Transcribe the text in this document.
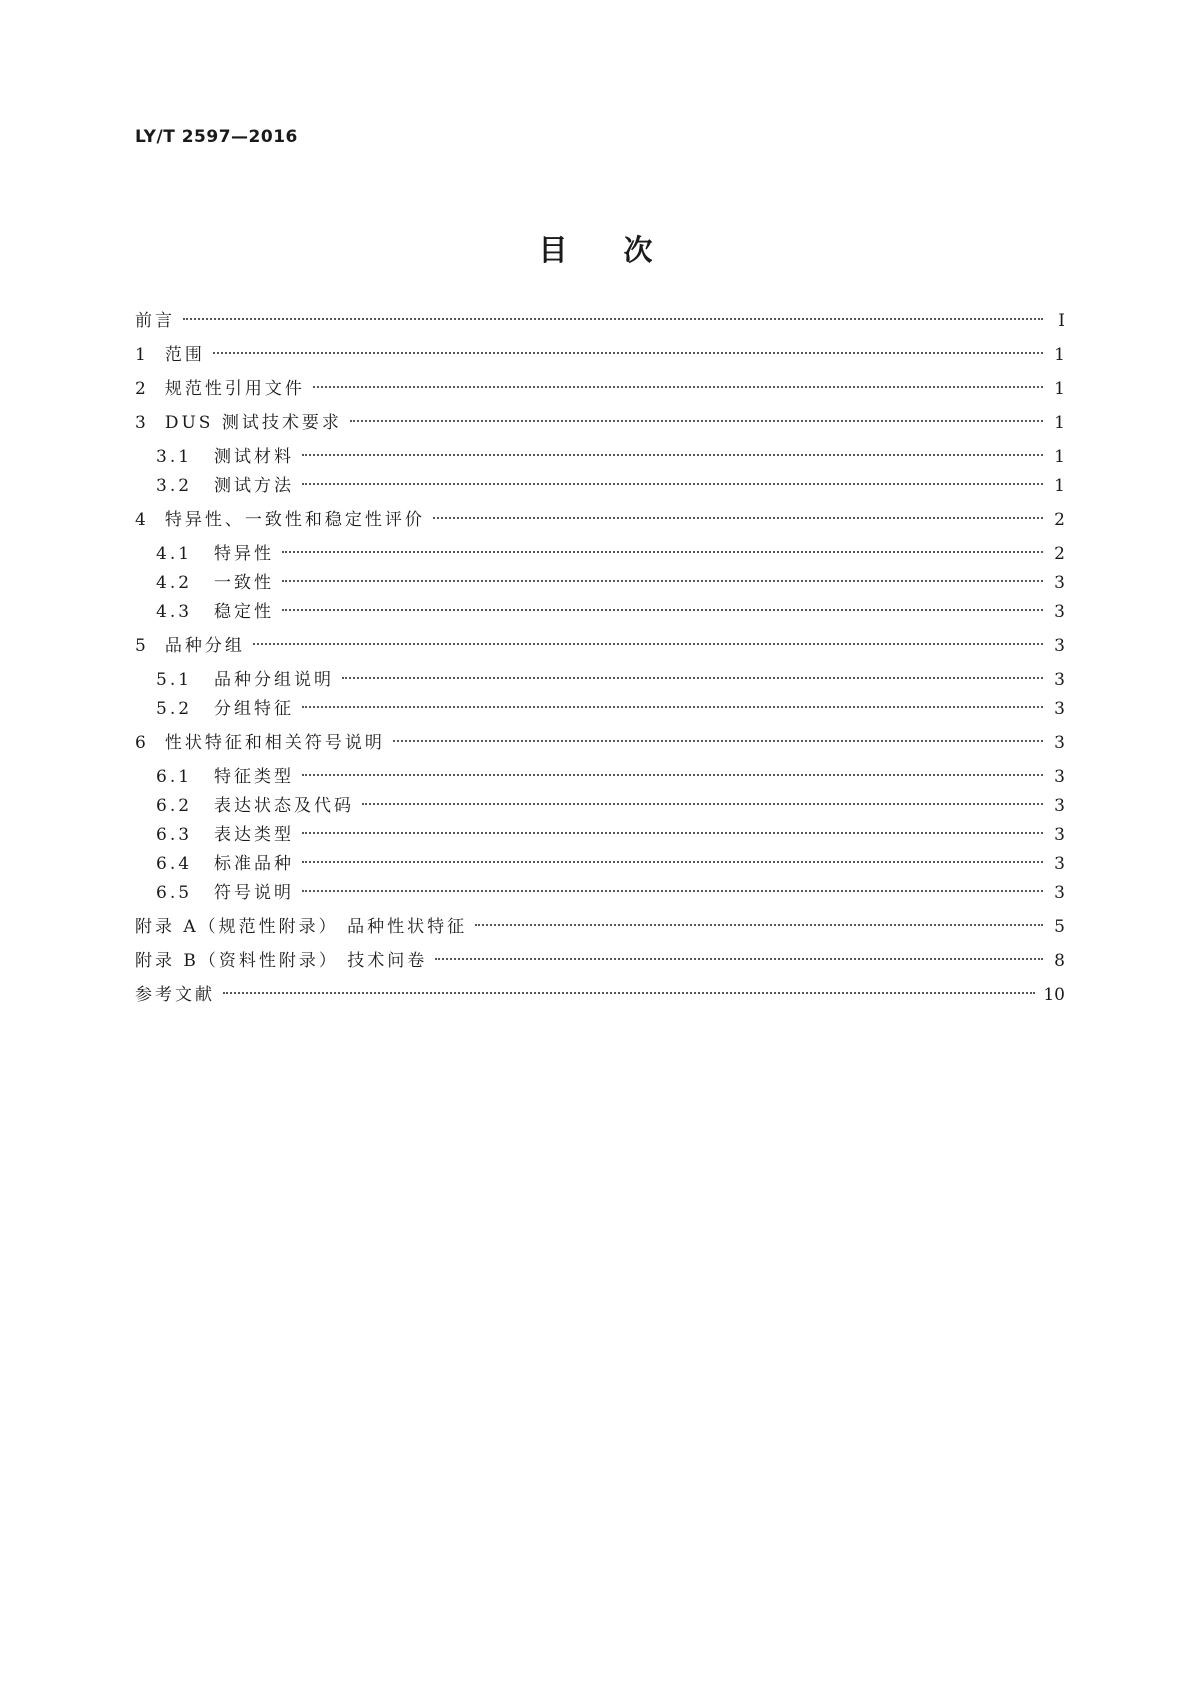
LY/T 2597—2016
目次
前言	Ⅰ
1 范围	1
2 规范性引用文件	1
3 DUS 测试技术要求	1
3.1 测试材料	1
3.2 测试方法	1
4 特异性、一致性和稳定性评价	2
4.1 特异性	2
4.2 一致性	3
4.3 稳定性	3
5 品种分组	3
5.1 品种分组说明	3
5.2 分组特征	3
6 性状特征和相关符号说明	3
6.1 特征类型	3
6.2 表达状态及代码	3
6.3 表达类型	3
6.4 标准品种	3
6.5 符号说明	3
附录 A（规范性附录） 品种性状特征	5
附录 B（资料性附录） 技术问卷	8
参考文献	10
